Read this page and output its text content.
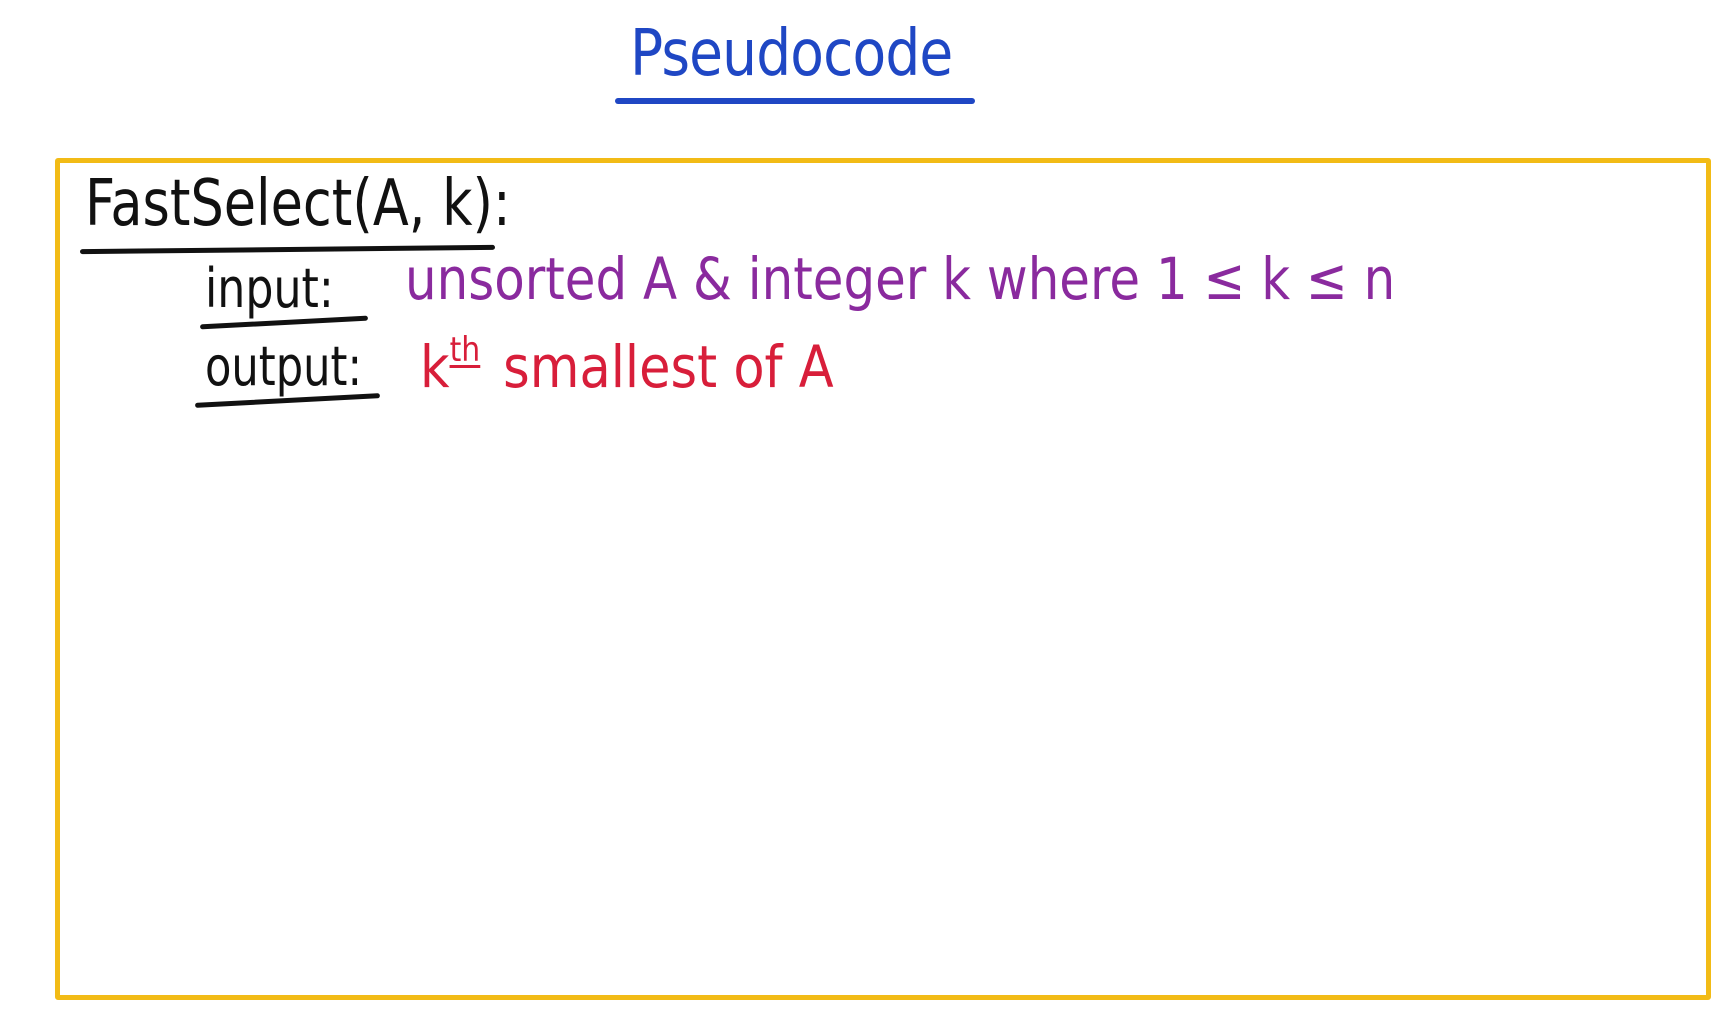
Pseudocode
FastSelect(A, k):
input: unsorted A & integer k where 1 ≤ k ≤ n
output: $k^{th}$ smallest of A
